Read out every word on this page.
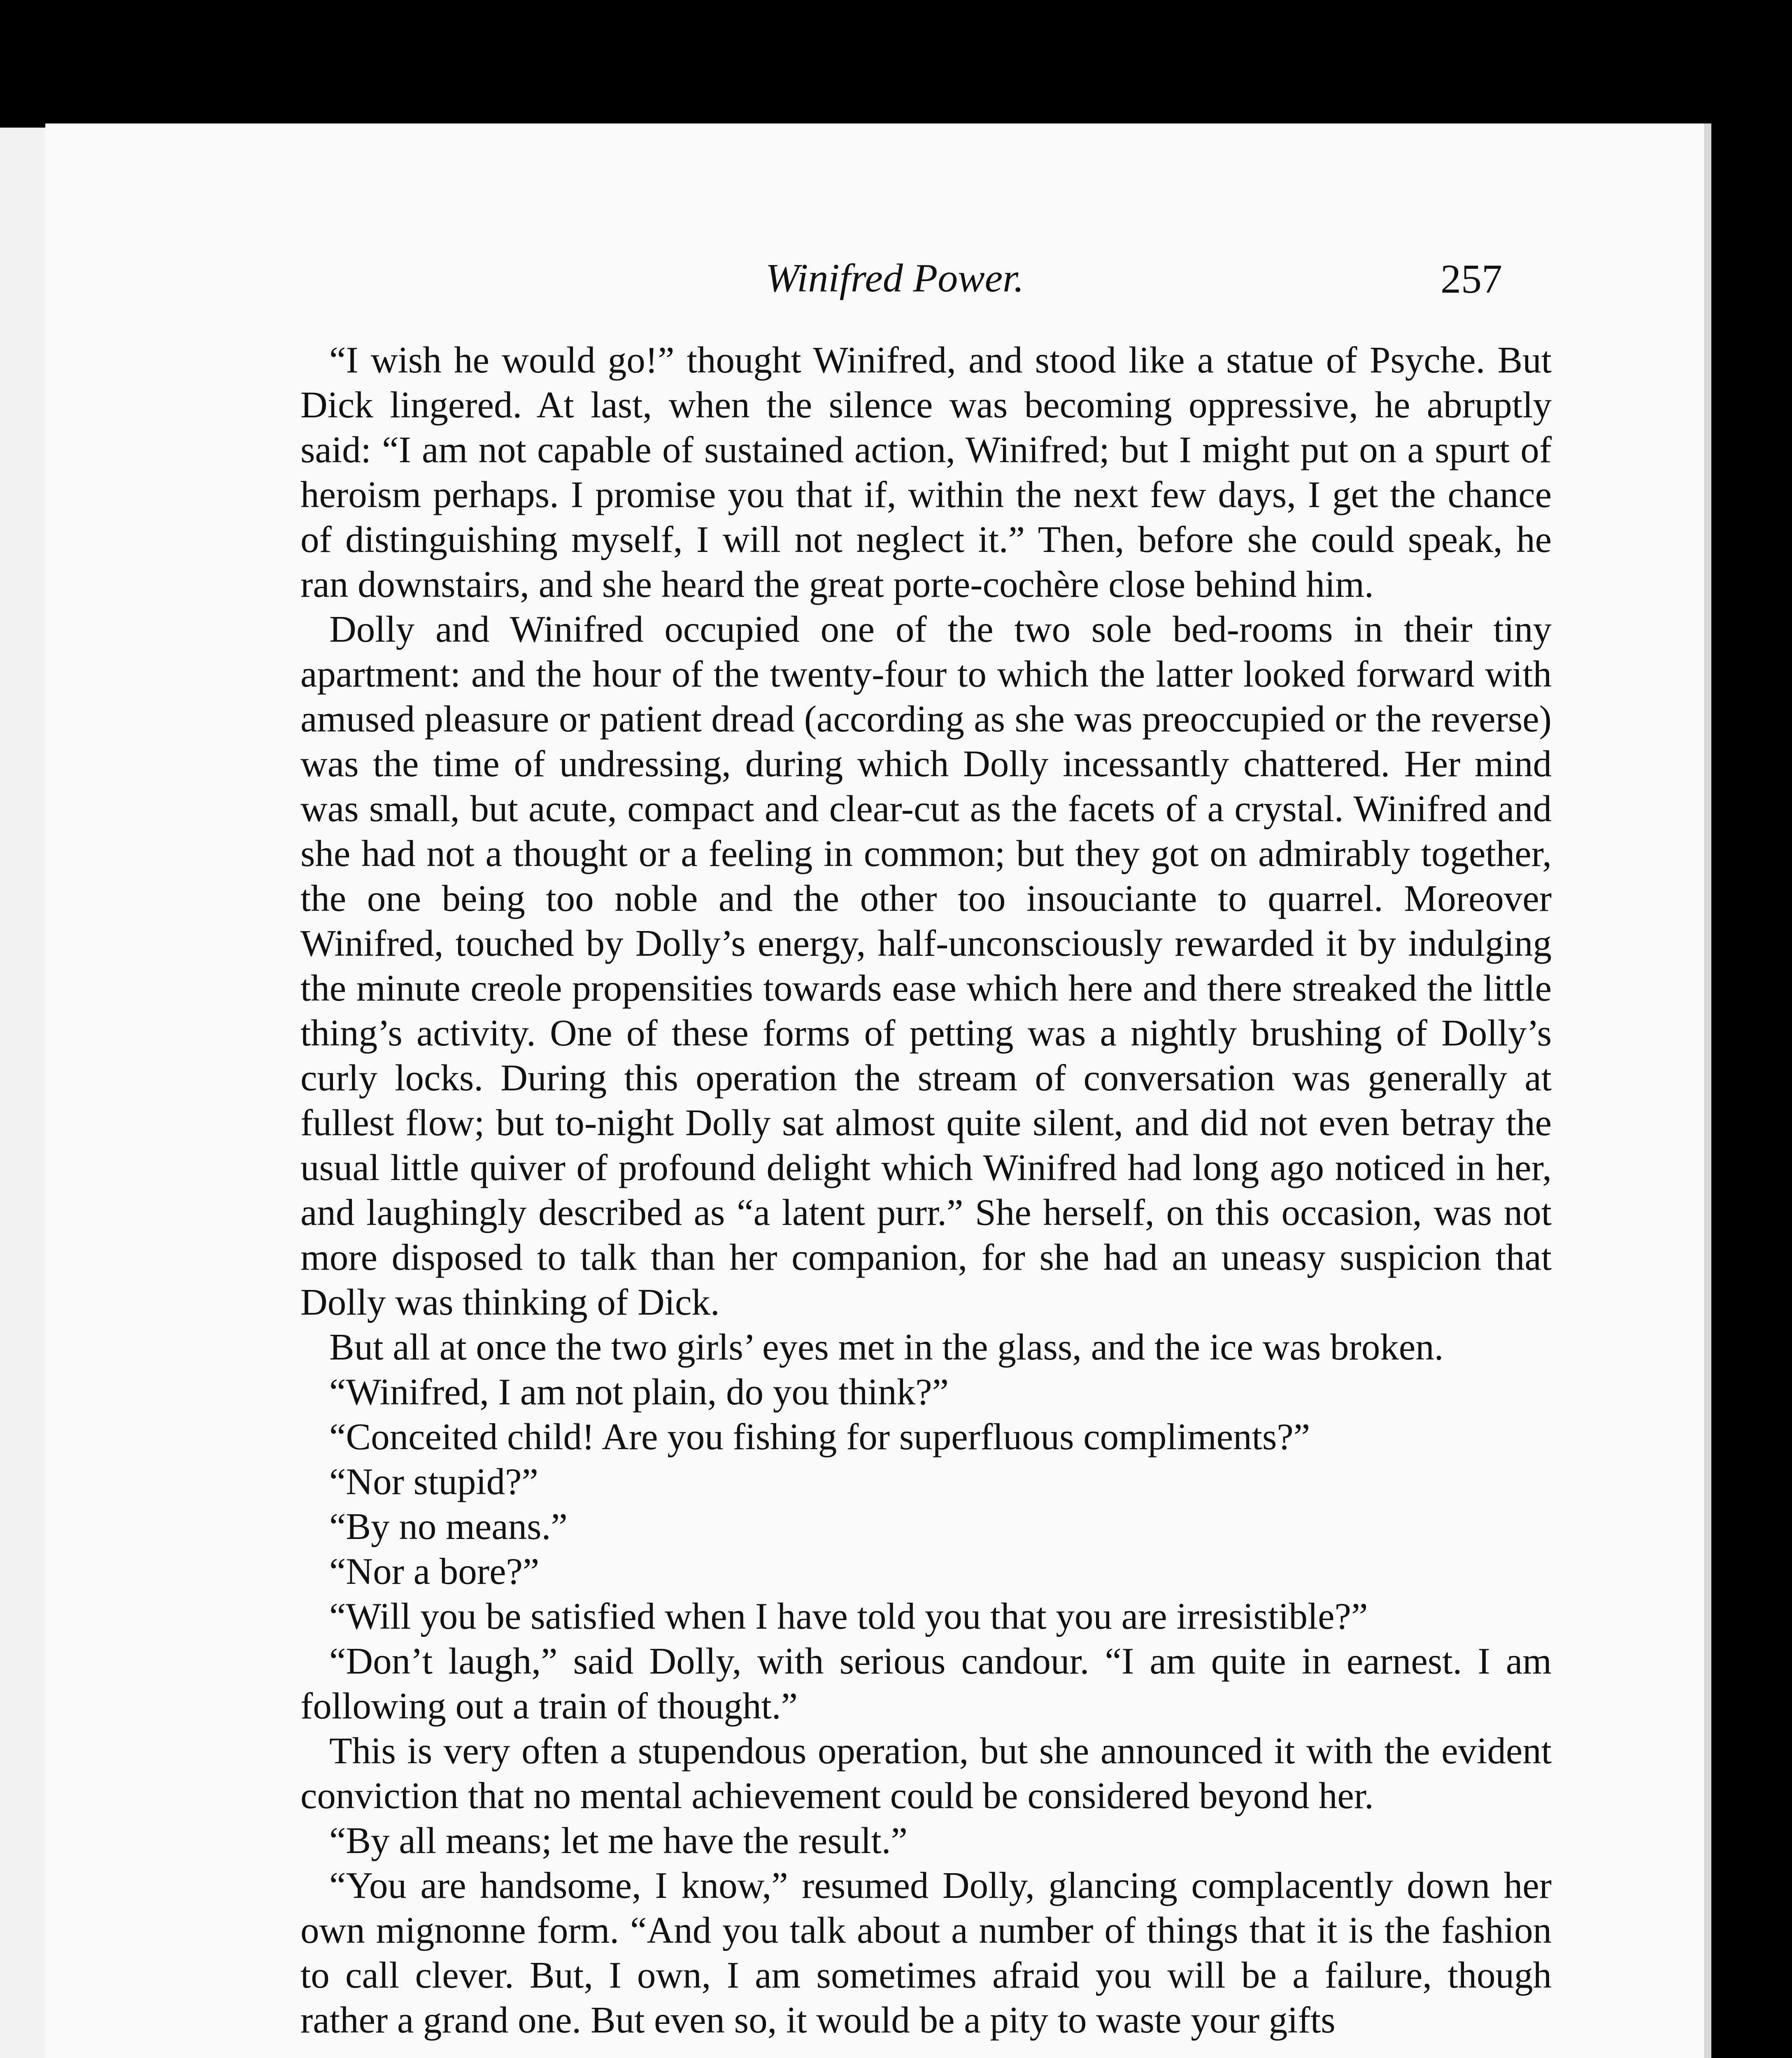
Winifred Power.	257

“I wish he would go!” thought Winifred, and stood like a statue of Psyche. But Dick lingered. At last, when the silence was becoming oppressive, he abruptly said: “I am not capable of sustained action, Winifred; but I might put on a spurt of heroism perhaps. I promise you that if, within the next few days, I get the chance of distinguishing myself, I will not neglect it.” Then, before she could speak, he ran downstairs, and she heard the great porte-cochère close behind him.

Dolly and Winifred occupied one of the two sole bed-rooms in their tiny apartment: and the hour of the twenty-four to which the latter looked forward with amused pleasure or patient dread (according as she was preoccupied or the reverse) was the time of undressing, during which Dolly incessantly chattered. Her mind was small, but acute, compact and clear-cut as the facets of a crystal. Winifred and she had not a thought or a feeling in common; but they got on admirably together, the one being too noble and the other too insouciante to quarrel. Moreover Winifred, touched by Dolly’s energy, half-unconsciously rewarded it by indulging the minute creole propensities towards ease which here and there streaked the little thing’s activity. One of these forms of petting was a nightly brushing of Dolly’s curly locks. During this operation the stream of conversation was generally at fullest flow; but to-night Dolly sat almost quite silent, and did not even betray the usual little quiver of profound delight which Winifred had long ago noticed in her, and laughingly described as “a latent purr.” She herself, on this occasion, was not more disposed to talk than her companion, for she had an uneasy suspicion that Dolly was thinking of Dick.

But all at once the two girls’ eyes met in the glass, and the ice was broken.

“Winifred, I am not plain, do you think?”

“Conceited child! Are you fishing for superfluous compliments?”

“Nor stupid?”

“By no means.”

“Nor a bore?”

“Will you be satisfied when I have told you that you are irresistible?”

“Don’t laugh,” said Dolly, with serious candour. “I am quite in earnest. I am following out a train of thought.”

This is very often a stupendous operation, but she announced it with the evident conviction that no mental achievement could be considered beyond her.

“By all means; let me have the result.”

“You are handsome, I know,” resumed Dolly, glancing complacently down her own mignonne form. “And you talk about a number of things that it is the fashion to call clever. But, I own, I am sometimes afraid you will be a failure, though rather a grand one. But even so, it would be a pity to waste your gifts
